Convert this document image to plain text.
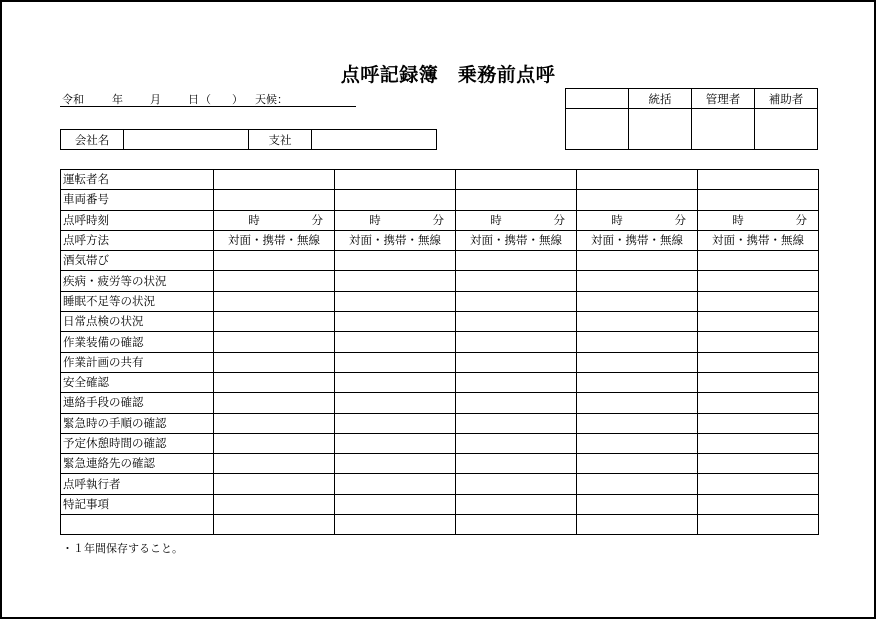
点呼記録簿　乗務前点呼
令和	年 月 日 （ ） 天候：
		統括	管理者	補助者

会社名		支社	
運転者名					
車両番号					
点呼時刻	時 分	時 分	時 分	時 分	時 分
点呼方法	対面・携帯・無線	対面・携帯・無線	対面・携帯・無線	対面・携帯・無線	対面・携帯・無線
酒気帯び					
疾病・疲労等の状況					
睡眠不足等の状況					
日常点検の状況					
作業装備の確認					
作業計画の共有					
安全確認					
連絡手段の確認					
緊急時の手順の確認					
予定休憩時間の確認					
緊急連絡先の確認					
点呼執行者					
特記事項					

・１年間保存すること。
